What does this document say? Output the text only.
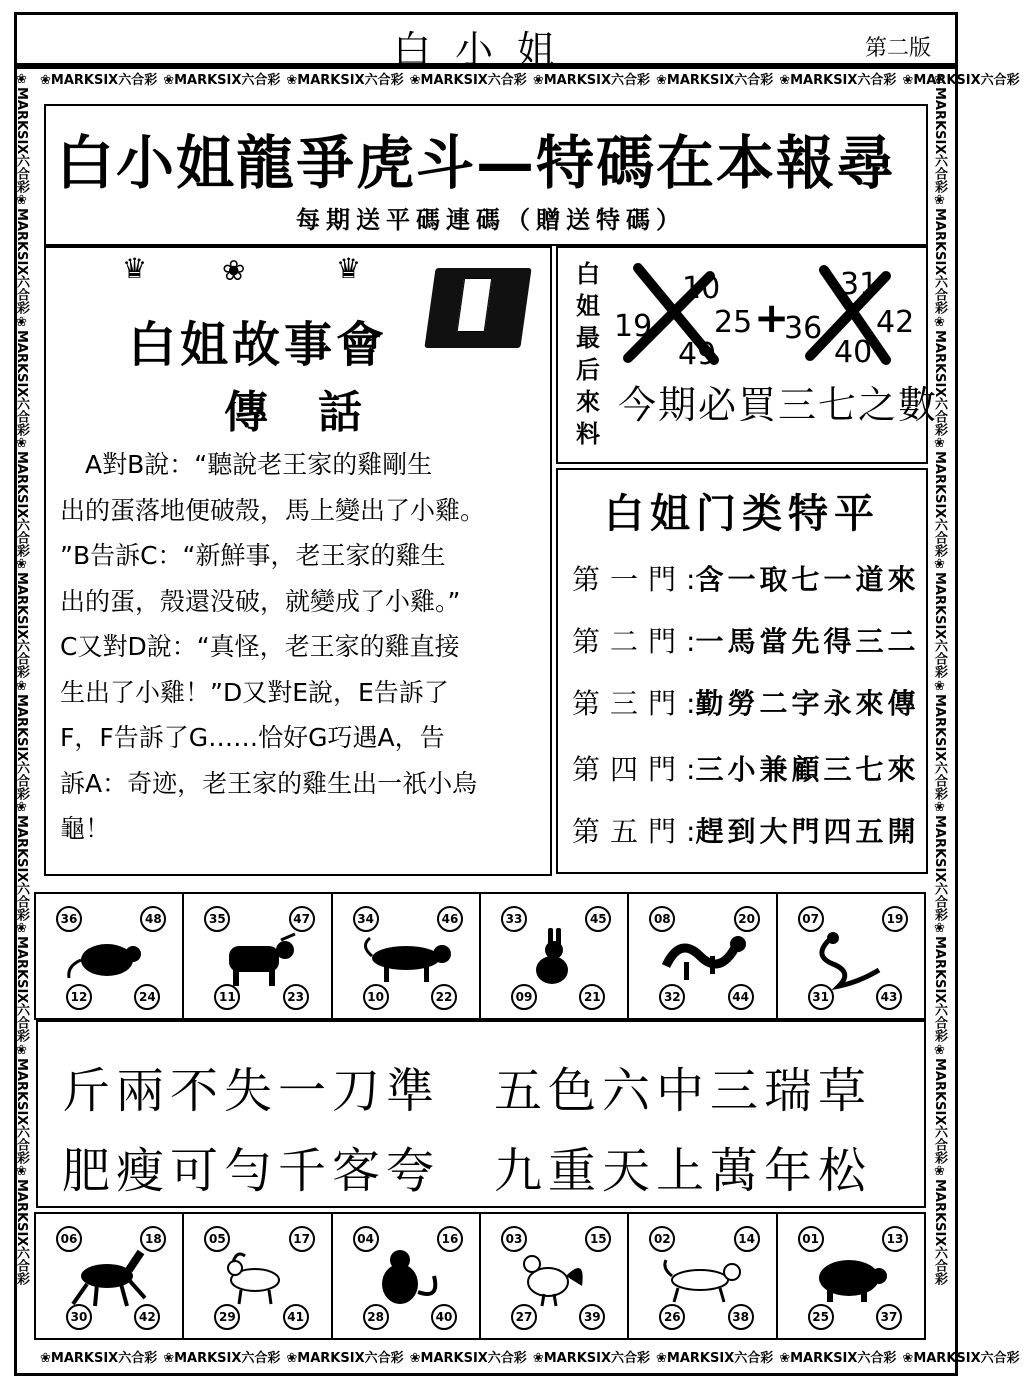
白小姐	第二版
❀MARKSIX六合彩 ❀MARKSIX六合彩 ❀MARKSIX六合彩 ❀MARKSIX六合彩 ❀MARKSIX六合彩 ❀MARKSIX六合彩 ❀MARKSIX六合彩 ❀MARKSIX六合彩
❀MARKSIX六合彩 ❀MARKSIX六合彩 ❀MARKSIX六合彩 ❀MARKSIX六合彩 ❀MARKSIX六合彩 ❀MARKSIX六合彩 ❀MARKSIX六合彩 ❀MARKSIX六合彩
❀MARKSIX六合彩❀MARKSIX六合彩❀MARKSIX六合彩❀MARKSIX六合彩❀MARKSIX六合彩❀MARKSIX六合彩❀MARKSIX六合彩❀MARKSIX六合彩❀MARKSIX六合彩❀MARKSIX六合彩
❀MARKSIX六合彩❀MARKSIX六合彩❀MARKSIX六合彩❀MARKSIX六合彩❀MARKSIX六合彩❀MARKSIX六合彩❀MARKSIX六合彩❀MARKSIX六合彩❀MARKSIX六合彩❀MARKSIX六合彩
白小姐龍爭虎斗—特碼在本報尋
每期送平碼連碼（贈送特碼）
♛	❀	♛
白姐故事會
傳話

　A對B說：“聽說老王家的雞剛生

出的蛋落地便破殼，馬上變出了小雞。

”B告訴C：“新鮮事，老王家的雞生

出的蛋，殼還没破，就變成了小雞。”

C又對D說：“真怪，老王家的雞直接

生出了小雞！”D又對E說，E告訴了

F，F告訴了G……恰好G巧遇A，告

訴A：奇迹，老王家的雞生出一祇小烏

龜！

白
姐
最
后
來
料
19
10
49
25 +
36
31
40
42
今期必買三七之數
白姐门类特平
第一門:含一取七一道來
第二門:一馬當先得三二
第三門:勤勞二字永來傳
第四門:三小兼顧三七來
第五門:趕到大門四五開
36	48
12	24
35	47
11	23
34	46
10	22
33	45
09	21
08	20
32	44
07	19
31	43
斤兩不失一刀準　五色六中三瑞草
肥瘦可勻千客夸　九重天上萬年松
06	18
30	42
05	17
29	41
04	16
28	40
03	15
27	39
02	14
26	38
01	13
25	37
